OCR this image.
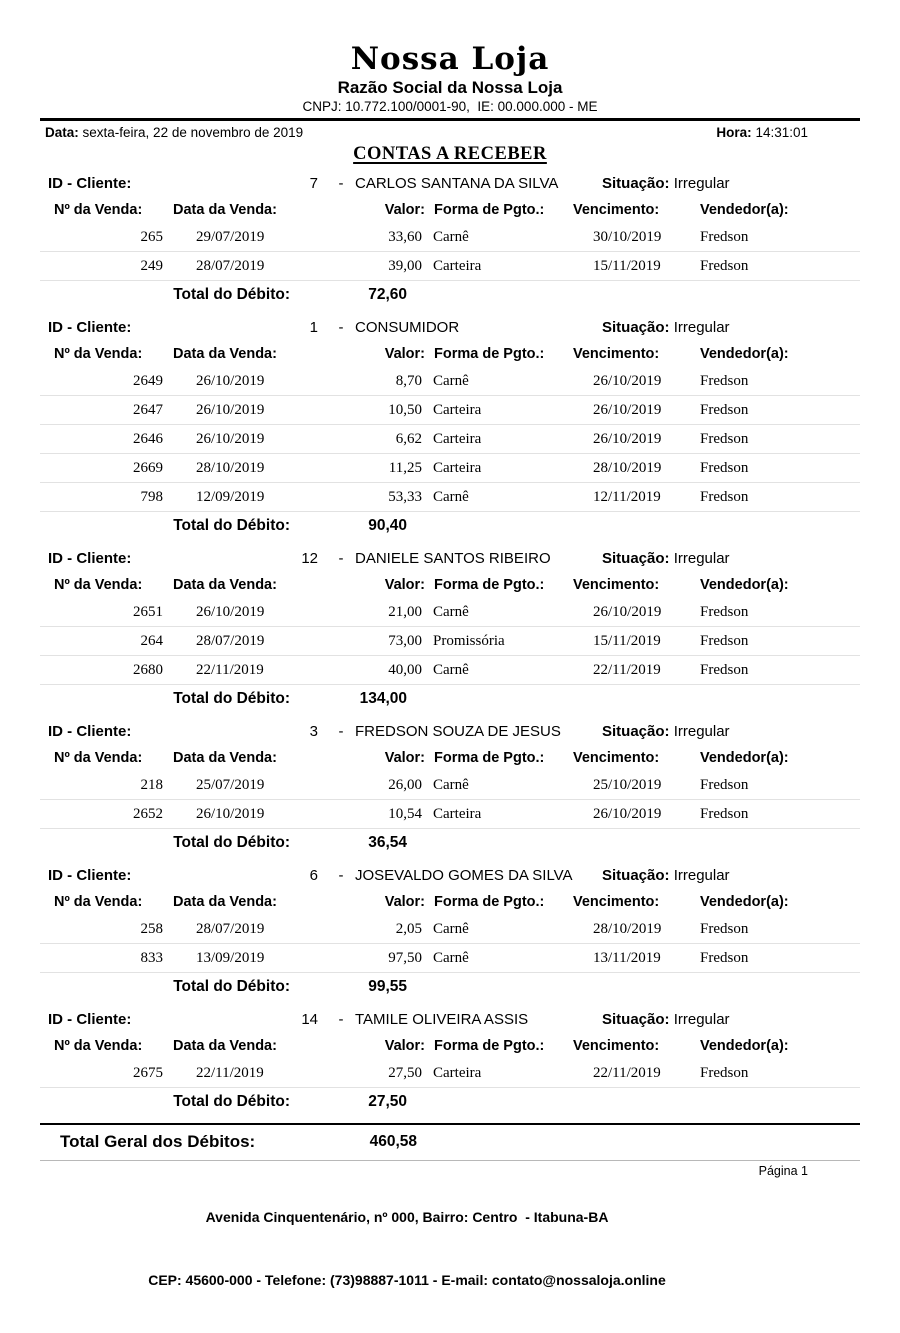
Nossa Loja
Razão Social da Nossa Loja
CNPJ: 10.772.100/0001-90,  IE: 00.000.000 - ME
Data: sexta-feira, 22 de novembro de 2019	Hora: 14:31:01
CONTAS A RECEBER
ID - Cliente:	7	- CARLOS SANTANA DA SILVA	Situação: Irregular
Nº da Venda:	Data da Venda:	Valor: Forma de Pgto.:	Vencimento:	Vendedor(a):
265	29/07/2019	33,60 Carnê	30/10/2019	Fredson
249	28/07/2019	39,00 Carteira	15/11/2019	Fredson
Total do Débito:	72,60
ID - Cliente:	1	- CONSUMIDOR	Situação: Irregular
Nº da Venda:	Data da Venda:	Valor: Forma de Pgto.:	Vencimento:	Vendedor(a):
2649	26/10/2019	8,70 Carnê	26/10/2019	Fredson
2647	26/10/2019	10,50 Carteira	26/10/2019	Fredson
2646	26/10/2019	6,62 Carteira	26/10/2019	Fredson
2669	28/10/2019	11,25 Carteira	28/10/2019	Fredson
798	12/09/2019	53,33 Carnê	12/11/2019	Fredson
Total do Débito:	90,40
ID - Cliente:	12	- DANIELE SANTOS RIBEIRO	Situação: Irregular
Nº da Venda:	Data da Venda:	Valor: Forma de Pgto.:	Vencimento:	Vendedor(a):
2651	26/10/2019	21,00 Carnê	26/10/2019	Fredson
264	28/07/2019	73,00 Promissória	15/11/2019	Fredson
2680	22/11/2019	40,00 Carnê	22/11/2019	Fredson
Total do Débito:	134,00
ID - Cliente:	3	- FREDSON SOUZA DE JESUS	Situação: Irregular
Nº da Venda:	Data da Venda:	Valor: Forma de Pgto.:	Vencimento:	Vendedor(a):
218	25/07/2019	26,00 Carnê	25/10/2019	Fredson
2652	26/10/2019	10,54 Carteira	26/10/2019	Fredson
Total do Débito:	36,54
ID - Cliente:	6	- JOSEVALDO GOMES DA SILVA Situação: Irregular
Nº da Venda:	Data da Venda:	Valor: Forma de Pgto.:	Vencimento:	Vendedor(a):
258	28/07/2019	2,05 Carnê	28/10/2019	Fredson
833	13/09/2019	97,50 Carnê	13/11/2019	Fredson
Total do Débito:	99,55
ID - Cliente:	14	- TAMILE OLIVEIRA ASSIS	Situação: Irregular
Nº da Venda:	Data da Venda:	Valor: Forma de Pgto.:	Vencimento:	Vendedor(a):
2675	22/11/2019	27,50 Carteira	22/11/2019	Fredson
Total do Débito:	27,50
Total Geral dos Débitos:	460,58

Avenida Cinquentenário, nº 000, Bairro: Centro  - Itabuna-BA

CEP: 45600-000 - Telefone: (73)98887-1011 - E-mail: contato@nossaloja.online

Página 1
